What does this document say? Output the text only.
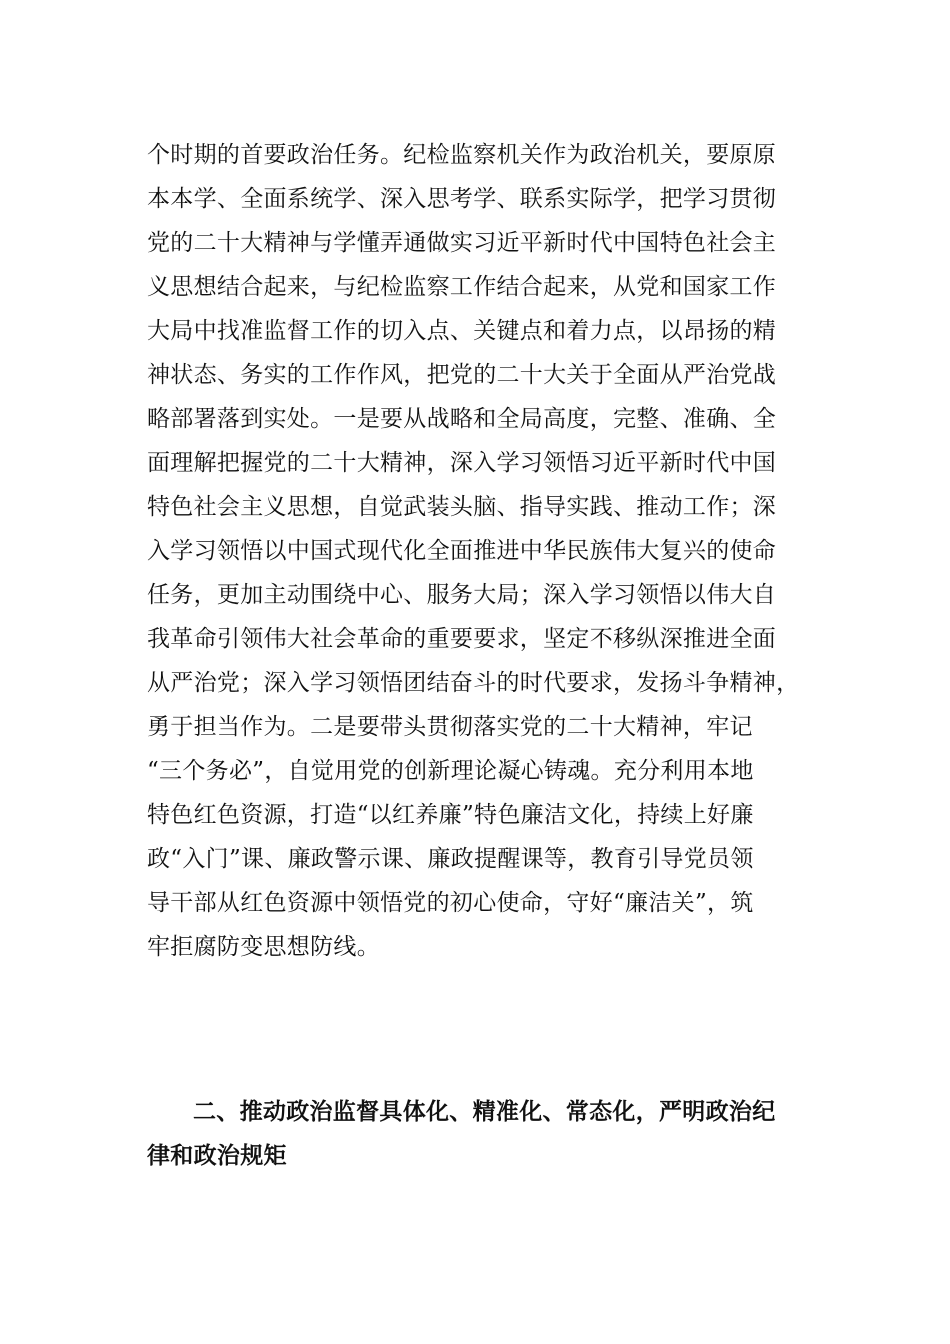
个时期的首要政治任务。纪检监察机关作为政治机关，要原原
本本学、全面系统学、深入思考学、联系实际学，把学习贯彻
党的二十大精神与学懂弄通做实习近平新时代中国特色社会主
义思想结合起来，与纪检监察工作结合起来，从党和国家工作
大局中找准监督工作的切入点、关键点和着力点，以昂扬的精
神状态、务实的工作作风，把党的二十大关于全面从严治党战
略部署落到实处。一是要从战略和全局高度，完整、准确、全
面理解把握党的二十大精神，深入学习领悟习近平新时代中国
特色社会主义思想，自觉武装头脑、指导实践、推动工作；深
入学习领悟以中国式现代化全面推进中华民族伟大复兴的使命
任务，更加主动围绕中心、服务大局；深入学习领悟以伟大自
我革命引领伟大社会革命的重要要求，坚定不移纵深推进全面
从严治党；深入学习领悟团结奋斗的时代要求，发扬斗争精神，
勇于担当作为。二是要带头贯彻落实党的二十大精神，牢记
“三个务必”，自觉用党的创新理论凝心铸魂。充分利用本地
特色红色资源，打造“以红养廉”特色廉洁文化，持续上好廉
政“入门”课、廉政警示课、廉政提醒课等，教育引导党员领
导干部从红色资源中领悟党的初心使命，守好“廉洁关”，筑
牢拒腐防变思想防线。
二、推动政治监督具体化、精准化、常态化，严明政治纪
律和政治规矩
